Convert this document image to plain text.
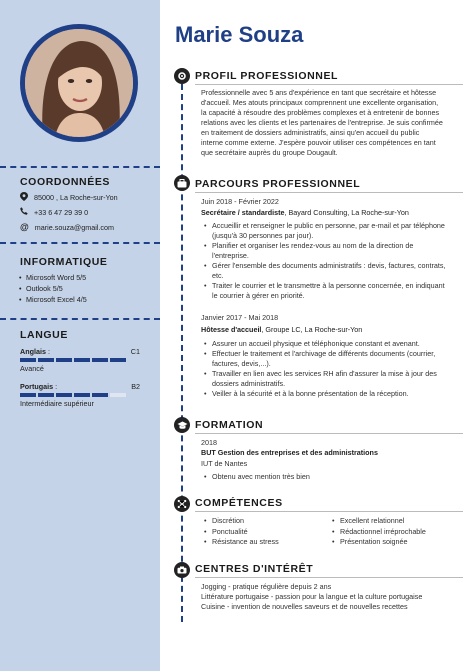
COORDONNÉES
85000 , La Roche-sur-Yon
+33 6 47 29 39 0
@ marie.souza@gmail.com
INFORMATIQUE
• Microsoft Word 5/5
• Outlook 5/5
• Microsoft Excel 4/5
LANGUE
Anglais :	C1
Avancé
Portugais :	B2
Intermédiaire supérieur
Marie Souza
PROFIL PROFESSIONNEL
Professionnelle avec 5 ans d'expérience en tant que secrétaire et hôtesse
d'accueil. Mes atouts principaux comprennent une excellente organisation,
la capacité à résoudre des problèmes complexes et à entretenir de bonnes
relations avec les clients et les partenaires de l'entreprise. Je suis confirmée
en traitement de dossiers administratifs, ainsi qu'en accueil du public
interne comme externe. J'espère pouvoir utiliser ces compétences en tant
que secrétaire auprès du groupe Dougault.
PARCOURS PROFESSIONNEL
Juin 2018 - Février 2022
Secrétaire / standardiste, Bayard Consulting, La Roche-sur-Yon
• Accueillir et renseigner le public en personne, par e-mail et par téléphone
(jusqu'à 30 personnes par jour).
• Planifier et organiser les rendez-vous au nom de la direction de
l'entreprise.
• Gérer l'ensemble des documents administratifs : devis, factures, contrats,
etc.
• Traiter le courrier et le transmettre à la personne concernée, en indiquant
le courrier à gérer en priorité.
Janvier 2017 - Mai 2018
Hôtesse d'accueil, Groupe LC, La Roche-sur-Yon
• Assurer un accueil physique et téléphonique constant et avenant.
• Effectuer le traitement et l'archivage de différents documents (courrier,
factures, devis,...).
• Travailler en lien avec les services RH afin d'assurer la mise à jour des
dossiers administratifs.
• Veiller à la sécurité et à la bonne présentation de la réception.
FORMATION
2018
BUT Gestion des entreprises et des administrations
IUT de Nantes
• Obtenu avec mention très bien
COMPÉTENCES
• Discrétion
• Ponctualité
• Résistance au stress
• Excellent relationnel
• Rédactionnel irréprochable
• Présentation soignée
CENTRES D'INTÉRÊT
Jogging - pratique régulière depuis 2 ans
Littérature portugaise - passion pour la langue et la culture portugaise
Cuisine - invention de nouvelles saveurs et de nouvelles recettes
